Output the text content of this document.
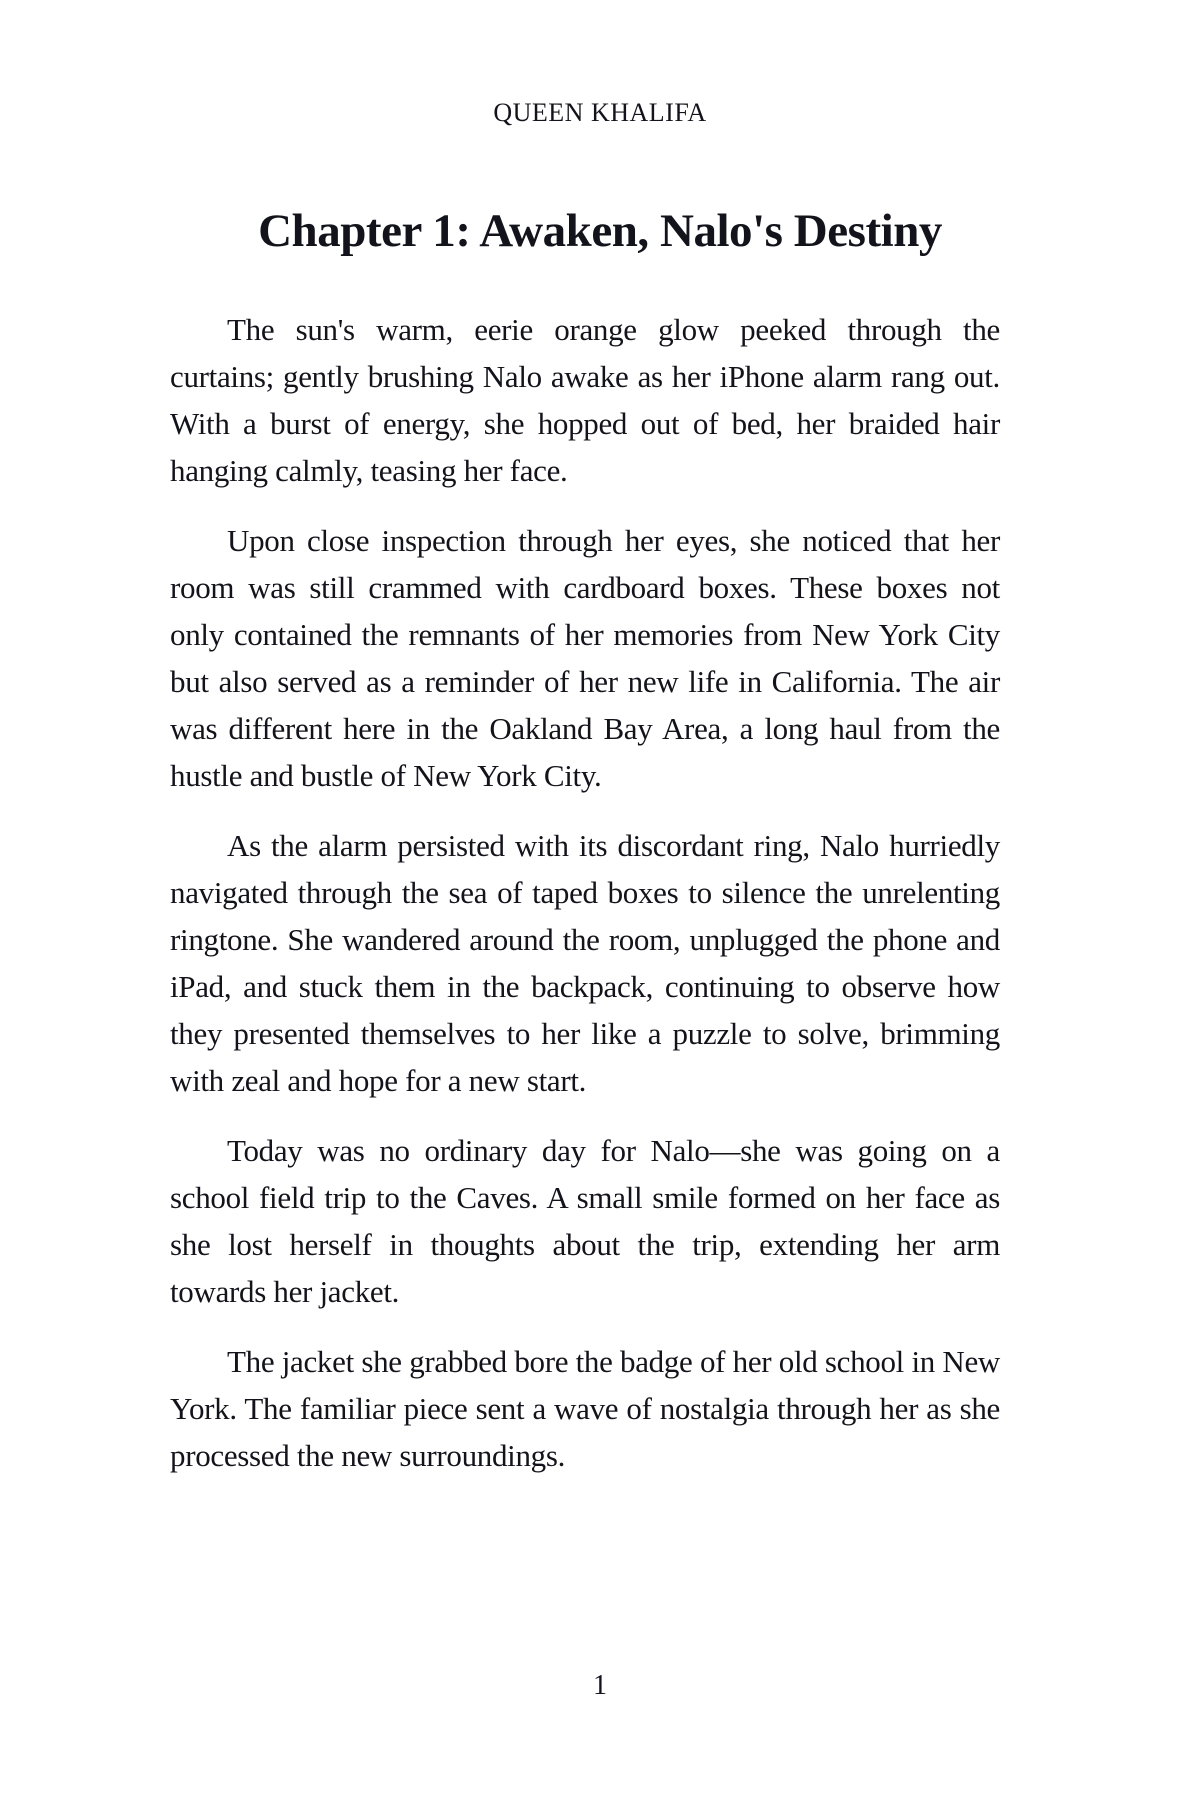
QUEEN KHALIFA
Chapter 1: Awaken, Nalo's Destiny

The sun's warm, eerie orange glow peeked through the curtains; gently brushing Nalo awake as her iPhone alarm rang out. With a burst of energy, she hopped out of bed, her braided hair hanging calmly, teasing her face.

Upon close inspection through her eyes, she noticed that her room was still crammed with cardboard boxes. These boxes not only contained the remnants of her memories from New York City but also served as a reminder of her new life in California. The air was different here in the Oakland Bay Area, a long haul from the hustle and bustle of New York City.

As the alarm persisted with its discordant ring, Nalo hurriedly navigated through the sea of taped boxes to silence the unrelenting ringtone. She wandered around the room, unplugged the phone and iPad, and stuck them in the backpack, continuing to observe how they presented themselves to her like a puzzle to solve, brimming with zeal and hope for a new start.

Today was no ordinary day for Nalo—she was going on a school field trip to the Caves. A small smile formed on her face as she lost herself in thoughts about the trip, extending her arm towards her jacket.

The jacket she grabbed bore the badge of her old school in New York. The familiar piece sent a wave of nostalgia through her as she processed the new surroundings.

1
